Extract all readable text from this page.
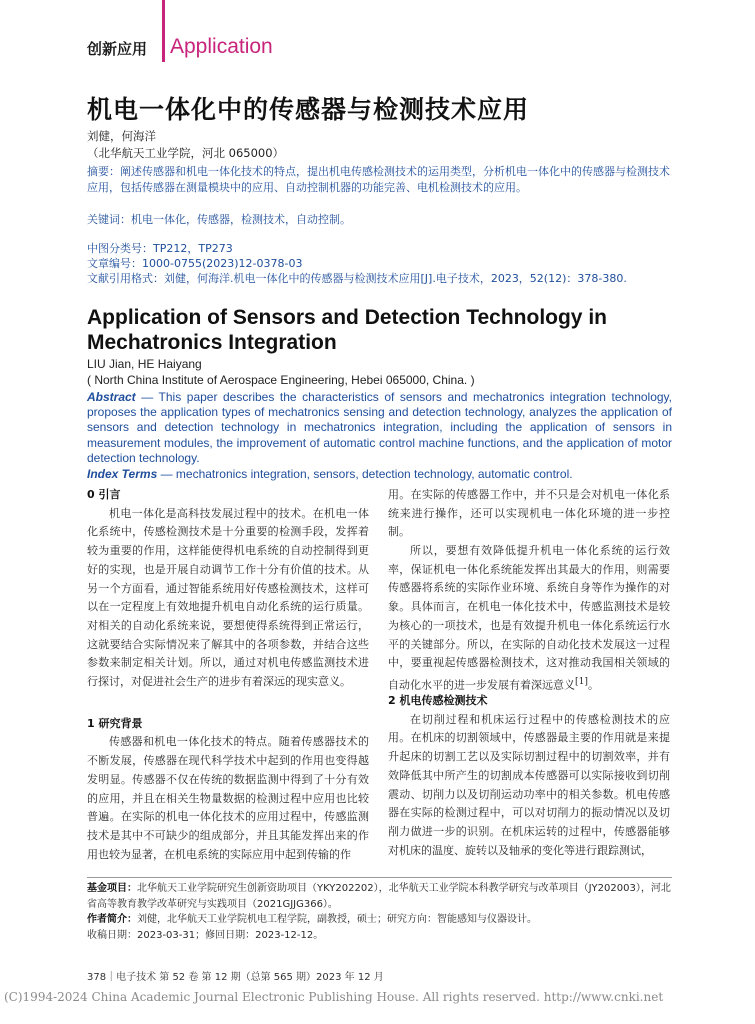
创新应用 Application
机电一体化中的传感器与检测技术应用
刘健，何海洋
（北华航天工业学院，河北 065000）
摘要：阐述传感器和机电一体化技术的特点，提出机电传感检测技术的运用类型，分析机电一体化中的传感器与检测技术应用，包括传感器在测量模块中的应用、自动控制机器的功能完善、电机检测技术的应用。
关键词：机电一体化，传感器，检测技术，自动控制。
中图分类号：TP212，TP273
文章编号：1000-0755(2023)12-0378-03
文献引用格式：刘健，何海洋.机电一体化中的传感器与检测技术应用[J].电子技术，2023，52(12)：378-380.
Application of Sensors and Detection Technology in Mechatronics Integration
LIU Jian, HE Haiyang
( North China Institute of Aerospace Engineering, Hebei 065000, China. )
Abstract — This paper describes the characteristics of sensors and mechatronics integration technology, proposes the application types of mechatronics sensing and detection technology, analyzes the application of sensors and detection technology in mechatronics integration, including the application of sensors in measurement modules, the improvement of automatic control machine functions, and the application of motor detection technology.
Index Terms — mechatronics integration, sensors, detection technology, automatic control.
0 引言

机电一体化是高科技发展过程中的技术。在机电一体化系统中，传感检测技术是十分重要的检测手段，发挥着较为重要的作用，这样能使得机电系统的自动控制得到更好的实现，也是开展自动调节工作十分有价值的技术。从另一个方面看，通过智能系统用好传感检测技术，这样可以在一定程度上有效地提升机电自动化系统的运行质量。对相关的自动化系统来说，要想使得系统得到正常运行，这就要结合实际情况来了解其中的各项参数，并结合这些参数来制定相关计划。所以，通过对机电传感监测技术进行探讨，对促进社会生产的进步有着深远的现实意义。

1 研究背景

传感器和机电一体化技术的特点。随着传感器技术的不断发展，传感器在现代科学技术中起到的作用也变得越发明显。传感器不仅在传统的数据监测中得到了十分有效的应用，并且在相关生物量数据的检测过程中应用也比较普遍。在实际的机电一体化技术的应用过程中，传感监测技术是其中不可缺少的组成部分，并且其能发挥出来的作用也较为显著，在机电系统的实际应用中起到传输的作

用。在实际的传感器工作中，并不只是会对机电一体化系统来进行操作，还可以实现机电一体化环境的进一步控制。

所以，要想有效降低提升机电一体化系统的运行效率，保证机电一体化系统能发挥出其最大的作用，则需要传感器将系统的实际作业环境、系统自身等作为操作的对象。具体而言，在机电一体化技术中，传感监测技术是较为核心的一项技术，也是有效提升机电一体化系统运行水平的关键部分。所以，在实际的自动化技术发展这一过程中，要重视起传感器检测技术，这对推动我国相关领域的自动化水平的进一步发展有着深远意义[1]。

2 机电传感检测技术

在切削过程和机床运行过程中的传感检测技术的应用。在机床的切割领域中，传感器最主要的作用就是来提升起床的切割工艺以及实际切割过程中的切割效率，并有效降低其中所产生的切割成本传感器可以实际接收到切削震动、切削力以及切削运动功率中的相关参数。机电传感器在实际的检测过程中，可以对切削力的振动情况以及切削力做进一步的识别。在机床运转的过程中，传感器能够对机床的温度、旋转以及轴承的变化等进行跟踪测试，

基金项目：北华航天工业学院研究生创新资助项目（YKY202202），北华航天工业学院本科教学研究与改革项目（JY202003），河北省高等教育教学改革研究与实践项目（2021GJJG366）。
作者简介：刘健，北华航天工业学院机电工程学院，副教授，硕士；研究方向：智能感知与仪器设计。
收稿日期：2023-03-31；修回日期：2023-12-12。
378｜电子技术 第 52 卷 第 12 期（总第 565 期）2023 年 12 月
(C)1994-2024 China Academic Journal Electronic Publishing House. All rights reserved. http://www.cnki.net
